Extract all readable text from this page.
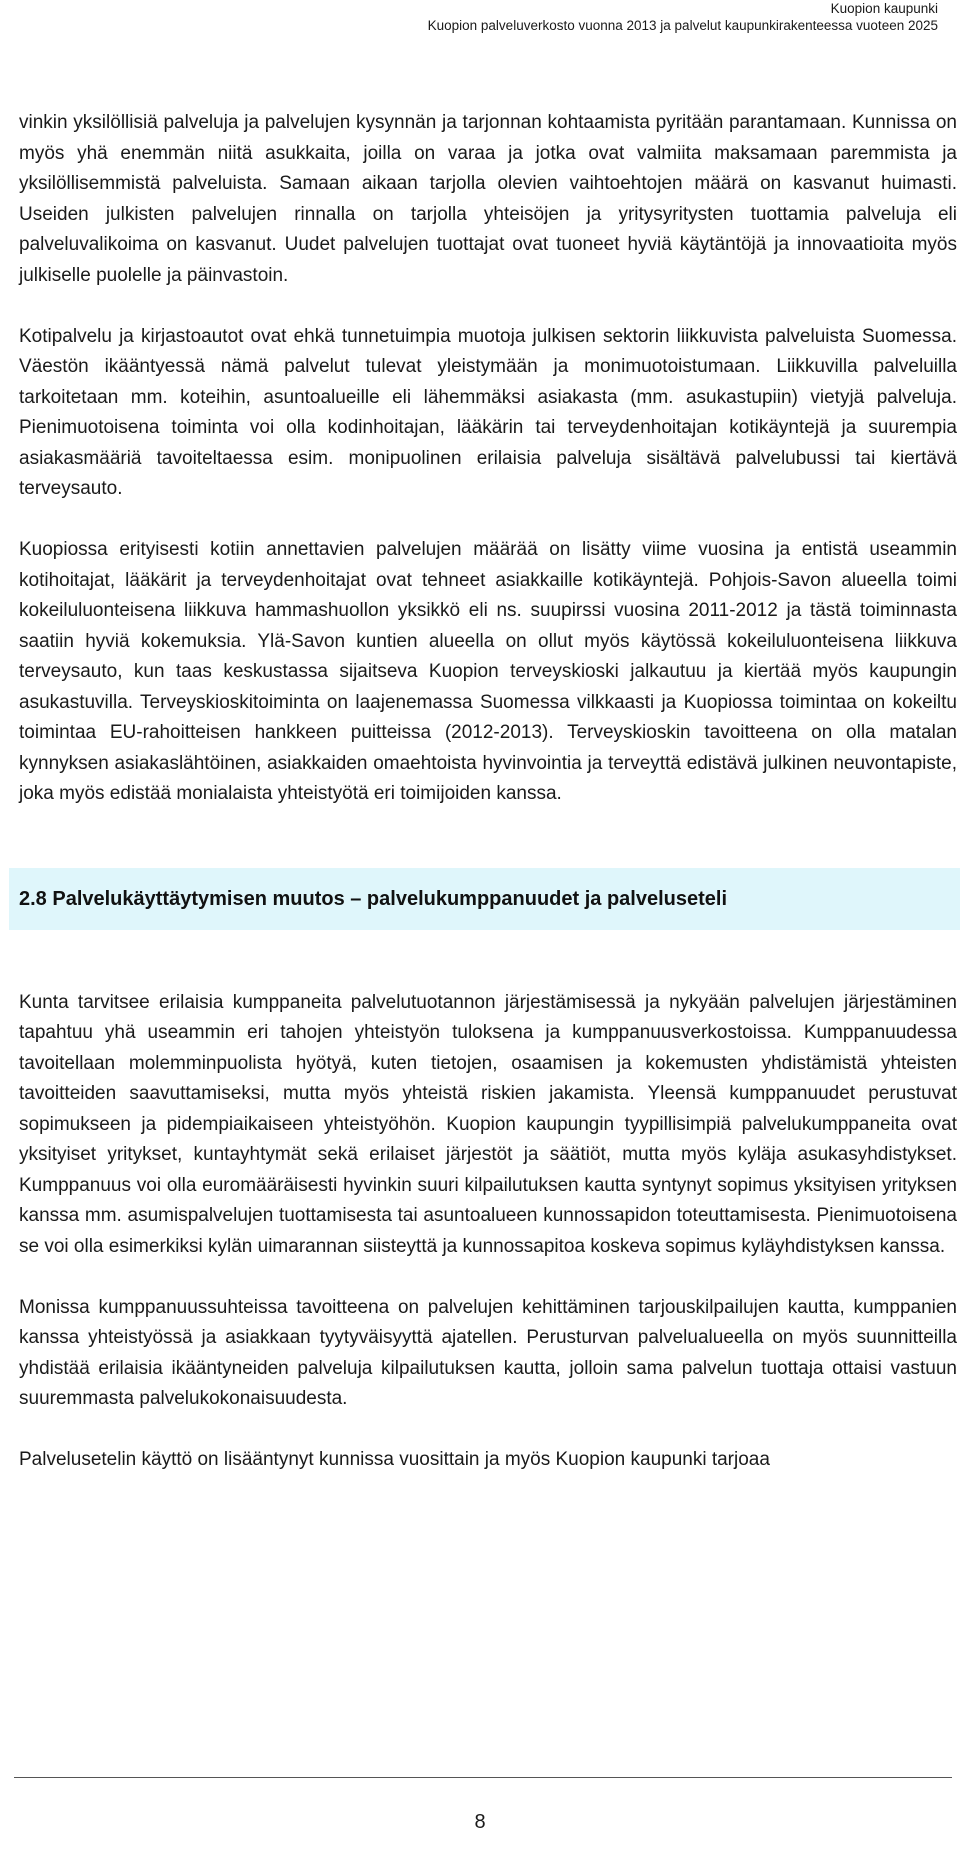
Kuopion kaupunki
Kuopion palveluverkosto vuonna 2013 ja palvelut kaupunkirakenteessa vuoteen 2025

vinkin yksilöllisiä palveluja ja palvelujen kysynnän ja tarjonnan kohtaamista pyritään parantamaan. Kunnissa on myös yhä enemmän niitä asukkaita, joilla on varaa ja jotka ovat valmiita maksamaan paremmista ja yksilöllisemmistä palveluista. Samaan aikaan tarjolla olevien vaihtoehtojen määrä on kasvanut huimasti. Useiden julkisten palvelujen rinnalla on tarjolla yhteisöjen ja yritysyritysten tuottamia palveluja eli palveluvalikoima on kasvanut. Uudet palvelujen tuottajat ovat tuoneet hyviä käytäntöjä ja innovaatioita myös julkiselle puolelle ja päinvastoin.

Kotipalvelu ja kirjastoautot ovat ehkä tunnetuimpia muotoja julkisen sektorin liikkuvista palveluista Suomessa. Väestön ikääntyessä nämä palvelut tulevat yleistymään ja monimuotoistumaan. Liikkuvilla palveluilla tarkoitetaan mm. koteihin, asuntoalueille eli lähemmäksi asiakasta (mm. asukastupiin) vietyjä palveluja. Pienimuotoisena toiminta voi olla kodinhoitajan, lääkärin tai terveydenhoitajan kotikäyntejä ja suurempia asiakasmääriä tavoiteltaessa esim. monipuolinen erilaisia palveluja sisältävä palvelubussi tai kiertävä terveysauto.

Kuopiossa erityisesti kotiin annettavien palvelujen määrää on lisätty viime vuosina ja entistä useammin kotihoitajat, lääkärit ja terveydenhoitajat ovat tehneet asiakkaille kotikäyntejä. Pohjois-Savon alueella toimi kokeiluluonteisena liikkuva hammashuollon yksikkö eli ns. suupirssi vuosina 2011-2012 ja tästä toiminnasta saatiin hyviä kokemuksia. Ylä-Savon kuntien alueella on ollut myös käytössä kokeiluluonteisena liikkuva terveysauto, kun taas keskustassa sijaitseva Kuopion terveyskioski jalkautuu ja kiertää myös kaupungin asukastuvilla. Terveyskioskitoiminta on laajenemassa Suomessa vilkkaasti ja Kuopiossa toimintaa on kokeiltu toimintaa EU-rahoitteisen hankkeen puitteissa (2012-2013). Terveyskioskin tavoitteena on olla matalan kynnyksen asiakaslähtöinen, asiakkaiden omaehtoista hyvinvointia ja terveyttä edistävä julkinen neuvontapiste, joka myös edistää monialaista yhteistyötä eri toimijoiden kanssa.

2.8 Palvelukäyttäytymisen muutos – palvelukumppanuudet ja palveluseteli

Kunta tarvitsee erilaisia kumppaneita palvelutuotannon järjestämisessä ja nykyään palvelujen järjestäminen tapahtuu yhä useammin eri tahojen yhteistyön tuloksena ja kumppanuusverkostoissa. Kumppanuudessa tavoitellaan molemminpuolista hyötyä, kuten tietojen, osaamisen ja kokemusten yhdistämistä yhteisten tavoitteiden saavuttamiseksi, mutta myös yhteistä riskien jakamista. Yleensä kumppanuudet perustuvat sopimukseen ja pidempiaikaiseen yhteistyöhön. Kuopion kaupungin tyypillisimpiä palvelukumppaneita ovat yksityiset yritykset, kuntayhtymät sekä erilaiset järjestöt ja säätiöt, mutta myös kyläja asukasyhdistykset. Kumppanuus voi olla euromääräisesti hyvinkin suuri kilpailutuksen kautta syntynyt sopimus yksityisen yrityksen kanssa mm. asumispalvelujen tuottamisesta tai asuntoalueen kunnossapidon toteuttamisesta. Pienimuotoisena se voi olla esimerkiksi kylän uimarannan siisteyttä ja kunnossapitoa koskeva sopimus kyläyhdistyksen kanssa.

Monissa kumppanuussuhteissa tavoitteena on palvelujen kehittäminen tarjouskilpailujen kautta, kumppanien kanssa yhteistyössä ja asiakkaan tyytyväisyyttä ajatellen. Perusturvan palvelualueella on myös suunnitteilla yhdistää erilaisia ikääntyneiden palveluja kilpailutuksen kautta, jolloin sama palvelun tuottaja ottaisi vastuun suuremmasta palvelukokonaisuudesta.

Palvelusetelin käyttö on lisääntynyt kunnissa vuosittain ja myös Kuopion kaupunki tarjoaa

8
